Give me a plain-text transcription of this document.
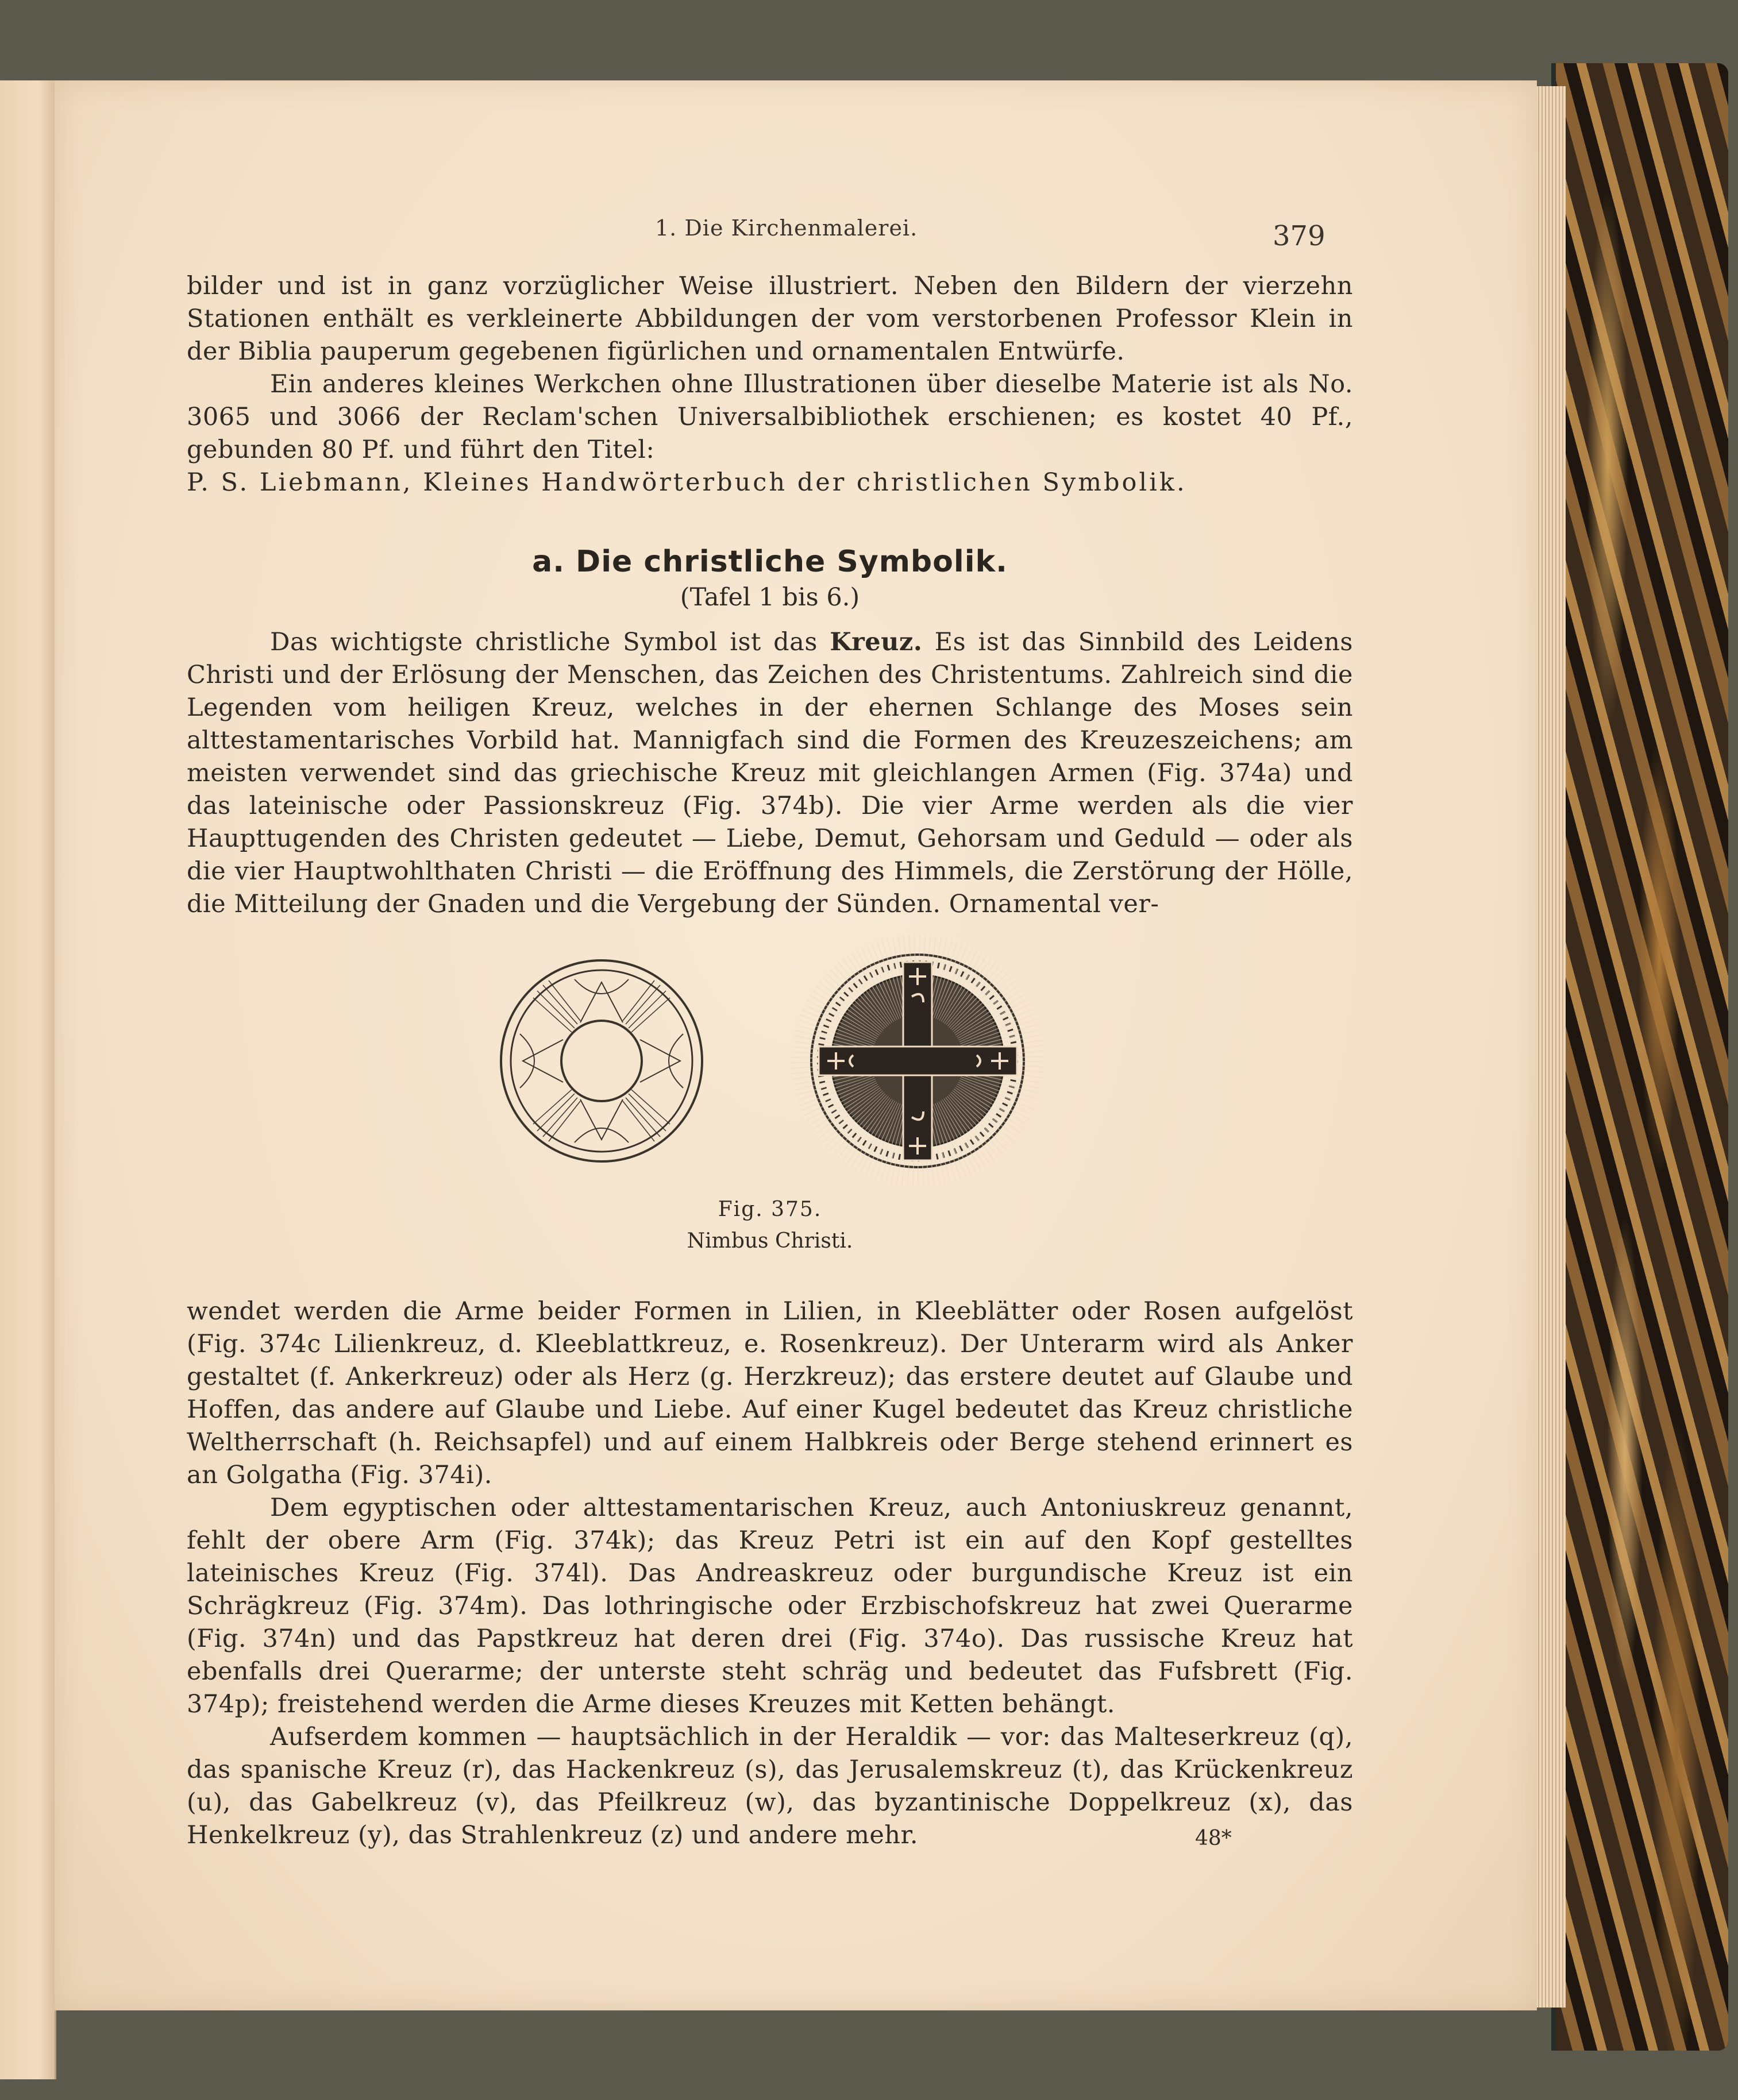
1. Die Kirchenmalerei.	379

bilder und ist in ganz vorzüglicher Weise illustriert. Neben den Bildern der vierzehn Stationen enthält es verkleinerte Abbildungen der vom verstorbenen Professor Klein in der Biblia pauperum gegebenen figürlichen und ornamentalen Entwürfe.

Ein anderes kleines Werkchen ohne Illustrationen über dieselbe Materie ist als No. 3065 und 3066 der Reclam'schen Universalbibliothek erschienen; es kostet 40 Pf., gebunden 80 Pf. und führt den Titel:

P. S. Liebmann, Kleines Handwörterbuch der christlichen Symbolik.

a. Die christliche Symbolik.
(Tafel 1 bis 6.)

Das wichtigste christliche Symbol ist das Kreuz. Es ist das Sinnbild des Leidens Christi und der Erlösung der Menschen, das Zeichen des Christentums. Zahlreich sind die Legenden vom heiligen Kreuz, welches in der ehernen Schlange des Moses sein alttestamentarisches Vorbild hat. Mannigfach sind die Formen des Kreuzeszeichens; am meisten verwendet sind das griechische Kreuz mit gleichlangen Armen (Fig. 374a) und das lateinische oder Passionskreuz (Fig. 374b). Die vier Arme werden als die vier Haupttugenden des Christen gedeutet — Liebe, Demut, Gehorsam und Geduld — oder als die vier Hauptwohlthaten Christi — die Eröffnung des Himmels, die Zerstörung der Hölle, die Mitteilung der Gnaden und die Vergebung der Sünden. Ornamental ver-

Fig. 375.
Nimbus Christi.

wendet werden die Arme beider Formen in Lilien, in Kleeblätter oder Rosen aufgelöst (Fig. 374c Lilienkreuz, d. Kleeblattkreuz, e. Rosenkreuz). Der Unterarm wird als Anker gestaltet (f. Ankerkreuz) oder als Herz (g. Herzkreuz); das erstere deutet auf Glaube und Hoffen, das andere auf Glaube und Liebe. Auf einer Kugel bedeutet das Kreuz christliche Weltherrschaft (h. Reichsapfel) und auf einem Halbkreis oder Berge stehend erinnert es an Golgatha (Fig. 374i).

Dem egyptischen oder alttestamentarischen Kreuz, auch Antoniuskreuz genannt, fehlt der obere Arm (Fig. 374k); das Kreuz Petri ist ein auf den Kopf gestelltes lateinisches Kreuz (Fig. 374l). Das Andreaskreuz oder burgundische Kreuz ist ein Schrägkreuz (Fig. 374m). Das lothringische oder Erzbischofskreuz hat zwei Querarme (Fig. 374n) und das Papstkreuz hat deren drei (Fig. 374o). Das russische Kreuz hat ebenfalls drei Querarme; der unterste steht schräg und bedeutet das Fufsbrett (Fig. 374p); freistehend werden die Arme dieses Kreuzes mit Ketten behängt.

Aufserdem kommen — hauptsächlich in der Heraldik — vor: das Malteserkreuz (q), das spanische Kreuz (r), das Hackenkreuz (s), das Jerusalemskreuz (t), das Krückenkreuz (u), das Gabelkreuz (v), das Pfeilkreuz (w), das byzantinische Doppelkreuz (x), das Henkelkreuz (y), das Strahlenkreuz (z) und andere mehr.	48*
